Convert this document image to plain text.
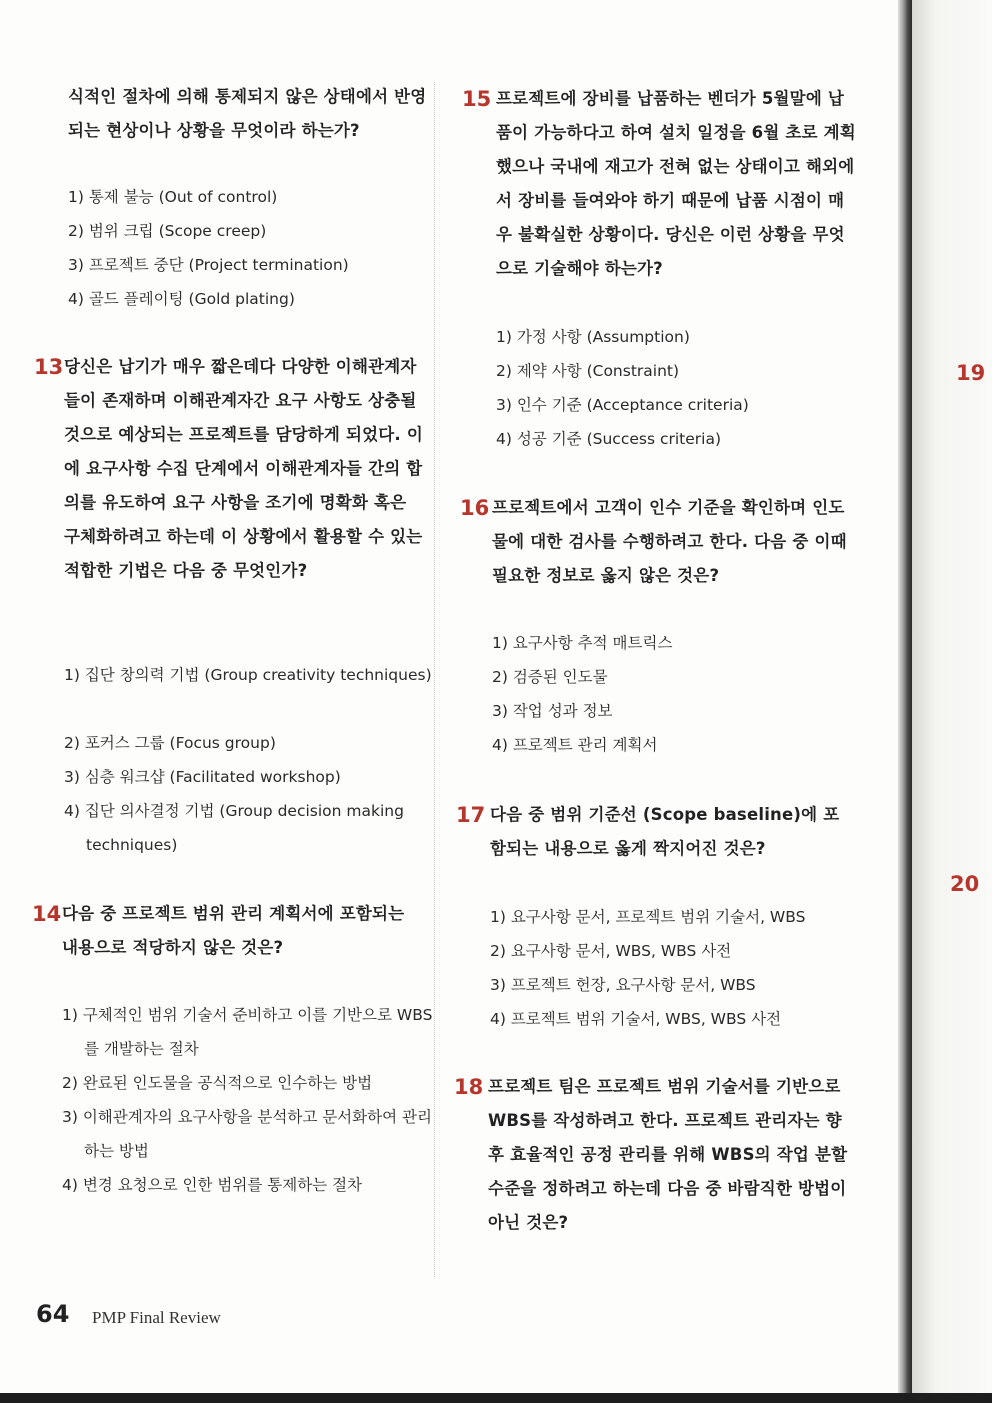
식적인 절차에 의해 통제되지 않은 상태에서 반영되는 현상이나 상황을 무엇이라 하는가?
1) 통제 불능 (Out of control)
2) 범위 크립 (Scope creep)
3) 프로젝트 중단 (Project termination)
4) 골드 플레이팅 (Gold plating)
13 당신은 납기가 매우 짧은데다 다양한 이해관계자들이 존재하며 이해관계자간 요구 사항도 상충될 것으로 예상되는 프로젝트를 담당하게 되었다. 이에 요구사항 수집 단계에서 이해관계자들 간의 합의를 유도하여 요구 사항을 조기에 명확화 혹은 구체화하려고 하는데 이 상황에서 활용할 수 있는 적합한 기법은 다음 중 무엇인가?
1) 집단 창의력 기법 (Group creativity techniques)
2) 포커스 그룹 (Focus group)
3) 심층 워크샵 (Facilitated workshop)
4) 집단 의사결정 기법 (Group decision making techniques)
14 다음 중 프로젝트 범위 관리 계획서에 포함되는 내용으로 적당하지 않은 것은?
1) 구체적인 범위 기술서 준비하고 이를 기반으로 WBS를 개발하는 절차
2) 완료된 인도물을 공식적으로 인수하는 방법
3) 이해관계자의 요구사항을 분석하고 문서화하여 관리하는 방법
4) 변경 요청으로 인한 범위를 통제하는 절차
15 프로젝트에 장비를 납품하는 벤더가 5월말에 납품이 가능하다고 하여 설치 일정을 6월 초로 계획했으나 국내에 재고가 전혀 없는 상태이고 해외에서 장비를 들여와야 하기 때문에 납품 시점이 매우 불확실한 상황이다. 당신은 이런 상황을 무엇으로 기술해야 하는가?
1) 가정 사항 (Assumption)
2) 제약 사항 (Constraint)
3) 인수 기준 (Acceptance criteria)
4) 성공 기준 (Success criteria)
16 프로젝트에서 고객이 인수 기준을 확인하며 인도물에 대한 검사를 수행하려고 한다. 다음 중 이때 필요한 정보로 옳지 않은 것은?
1) 요구사항 추적 매트릭스
2) 검증된 인도물
3) 작업 성과 정보
4) 프로젝트 관리 계획서
17 다음 중 범위 기준선 (Scope baseline)에 포함되는 내용으로 옳게 짝지어진 것은?
1) 요구사항 문서, 프로젝트 범위 기술서, WBS
2) 요구사항 문서, WBS, WBS 사전
3) 프로젝트 헌장, 요구사항 문서, WBS
4) 프로젝트 범위 기술서, WBS, WBS 사전
18 프로젝트 팀은 프로젝트 범위 기술서를 기반으로 WBS를 작성하려고 한다. 프로젝트 관리자는 향후 효율적인 공정 관리를 위해 WBS의 작업 분할 수준을 정하려고 하는데 다음 중 바람직한 방법이 아닌 것은?
19
20
64 PMP Final Review
